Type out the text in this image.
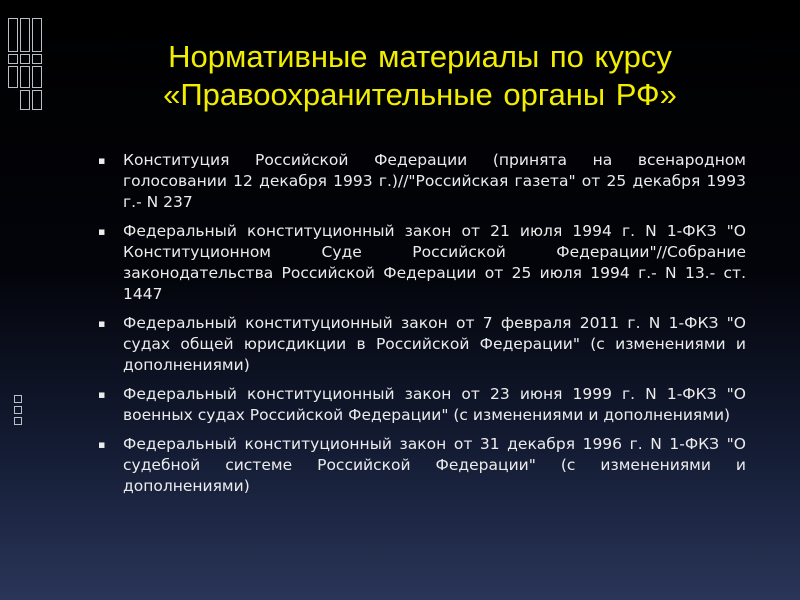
Нормативные материалы по курсу «Правоохранительные органы РФ»
▪ Конституция Российской Федерации (принята на всенародном голосовании 12 декабря 1993 г.)//"Российская газета" от 25 декабря 1993 г.- N 237
▪ Федеральный конституционный закон от 21 июля 1994 г. N 1-ФКЗ "О Конституционном Суде Российской Федерации"//Собрание законодательства Российской Федерации от 25 июля 1994 г.- N 13.- ст. 1447
▪ Федеральный конституционный закон от 7 февраля 2011 г. N 1-ФКЗ "О судах общей юрисдикции в Российской Федерации" (с изменениями и дополнениями)
▪ Федеральный конституционный закон от 23 июня 1999 г. N 1-ФКЗ "О военных судах Российской Федерации" (с изменениями и дополнениями)
▪ Федеральный конституционный закон от 31 декабря 1996 г. N 1-ФКЗ "О судебной системе Российской Федерации" (с изменениями и дополнениями)
